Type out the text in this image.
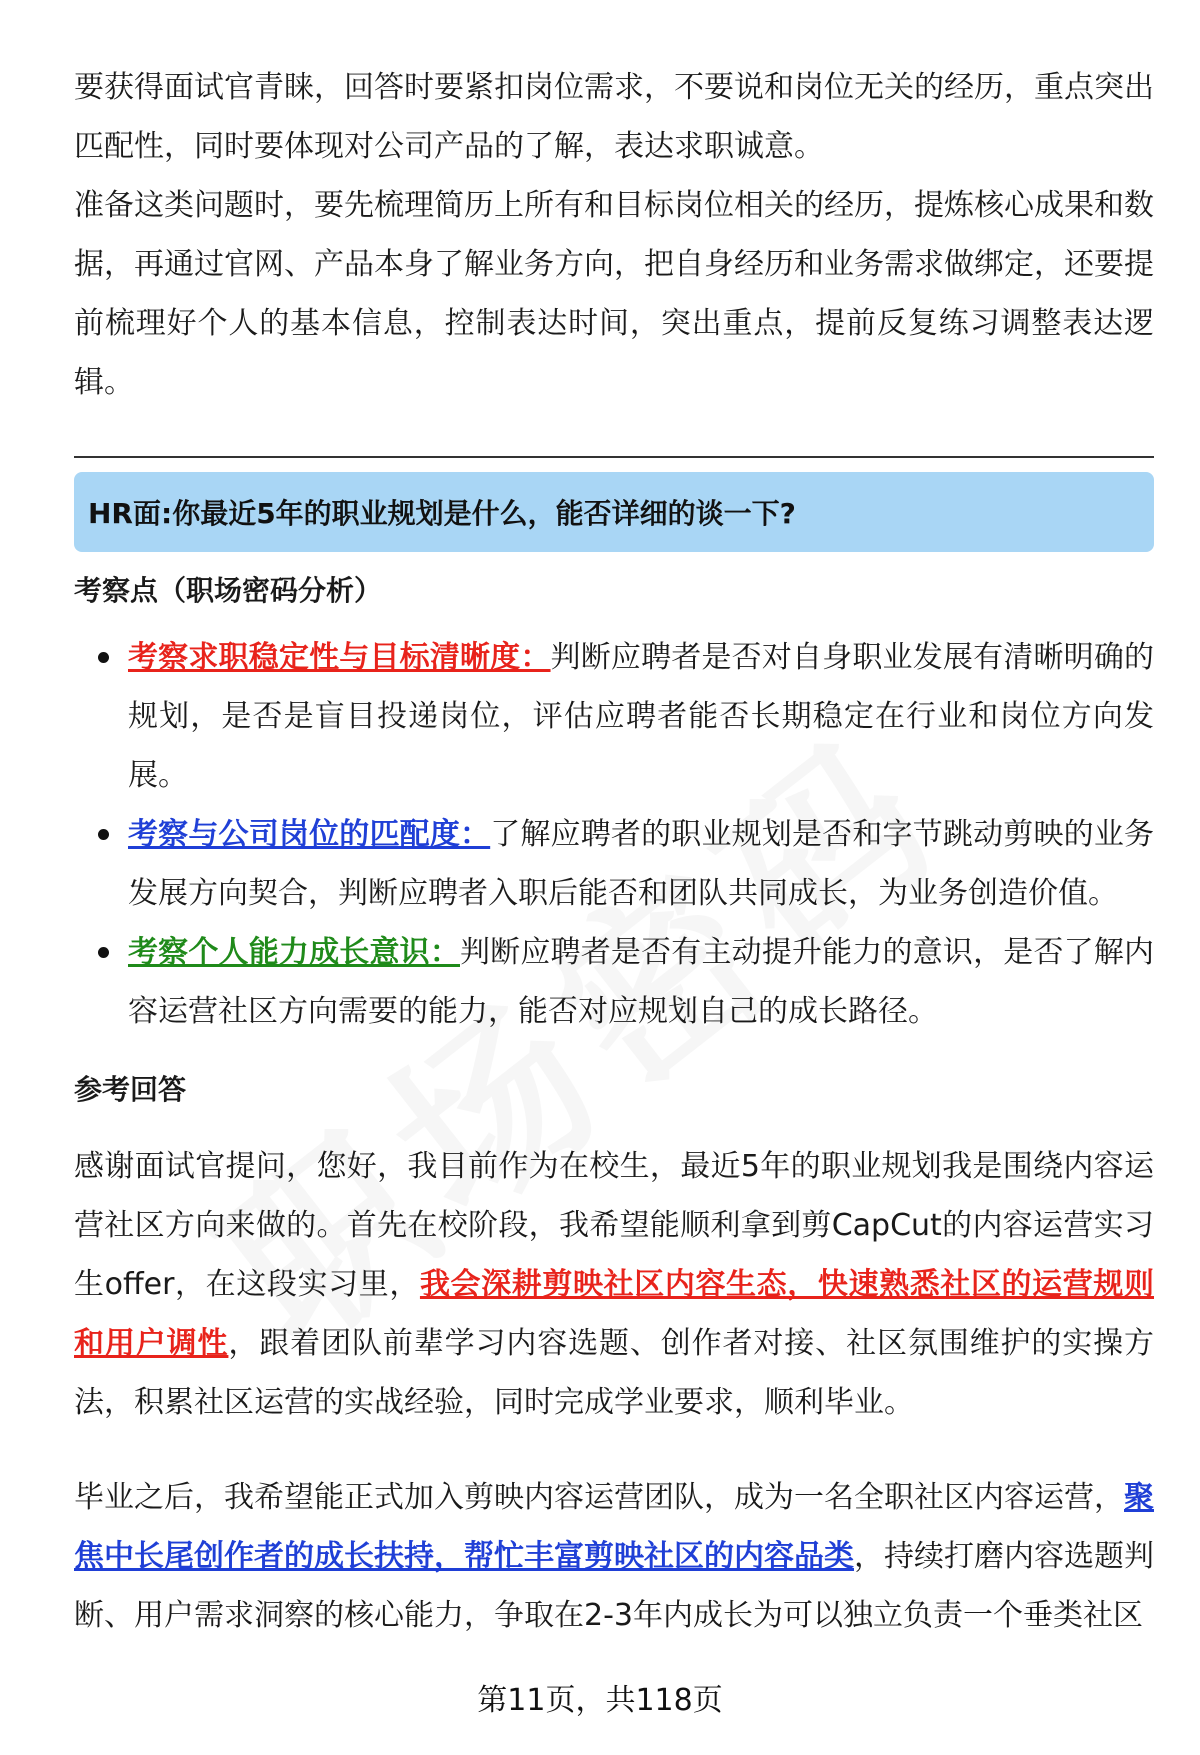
要获得面试官青睐，回答时要紧扣岗位需求，不要说和岗位无关的经历，重点突出匹配性，同时要体现对公司产品的了解，表达求职诚意。

准备这类问题时，要先梳理简历上所有和目标岗位相关的经历，提炼核心成果和数据，再通过官网、产品本身了解业务方向，把自身经历和业务需求做绑定，还要提前梳理好个人的基本信息，控制表达时间，突出重点，提前反复练习调整表达逻辑。

HR面:你最近5年的职业规划是什么，能否详细的谈一下?
考察点（职场密码分析）
考察求职稳定性与目标清晰度：判断应聘者是否对自身职业发展有清晰明确的规划，是否是盲目投递岗位，评估应聘者能否长期稳定在行业和岗位方向发展。
考察与公司岗位的匹配度：了解应聘者的职业规划是否和字节跳动剪映的业务发展方向契合，判断应聘者入职后能否和团队共同成长，为业务创造价值。
考察个人能力成长意识：判断应聘者是否有主动提升能力的意识，是否了解内容运营社区方向需要的能力，能否对应规划自己的成长路径。
参考回答

感谢面试官提问，您好，我目前作为在校生，最近5年的职业规划我是围绕内容运营社区方向来做的。首先在校阶段，我希望能顺利拿到剪CapCut的内容运营实习生offer，在这段实习里，我会深耕剪映社区内容生态，快速熟悉社区的运营规则和用户调性，跟着团队前辈学习内容选题、创作者对接、社区氛围维护的实操方法，积累社区运营的实战经验，同时完成学业要求，顺利毕业。

毕业之后，我希望能正式加入剪映内容运营团队，成为一名全职社区内容运营，聚焦中长尾创作者的成长扶持，帮忙丰富剪映社区的内容品类，持续打磨内容选题判断、用户需求洞察的核心能力，争取在2-3年内成长为可以独立负责一个垂类社区

第11页，共118页
